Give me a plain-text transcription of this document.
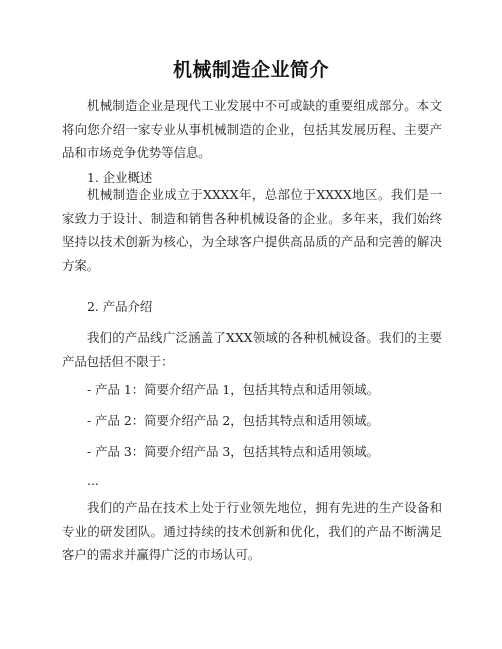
机械制造企业简介

机械制造企业是现代工业发展中不可或缺的重要组成部分。本文将向您介绍一家专业从事机械制造的企业，包括其发展历程、主要产品和市场竞争优势等信息。

1. 企业概述

机械制造企业成立于XXXX年，总部位于XXXX地区。我们是一家致力于设计、制造和销售各种机械设备的企业。多年来，我们始终坚持以技术创新为核心，为全球客户提供高品质的产品和完善的解决方案。

2. 产品介绍

我们的产品线广泛涵盖了XXX领域的各种机械设备。我们的主要产品包括但不限于：

- 产品 1：简要介绍产品 1，包括其特点和适用领域。

- 产品 2：简要介绍产品 2，包括其特点和适用领域。

- 产品 3：简要介绍产品 3，包括其特点和适用领域。

...

我们的产品在技术上处于行业领先地位，拥有先进的生产设备和专业的研发团队。通过持续的技术创新和优化，我们的产品不断满足客户的需求并赢得广泛的市场认可。
